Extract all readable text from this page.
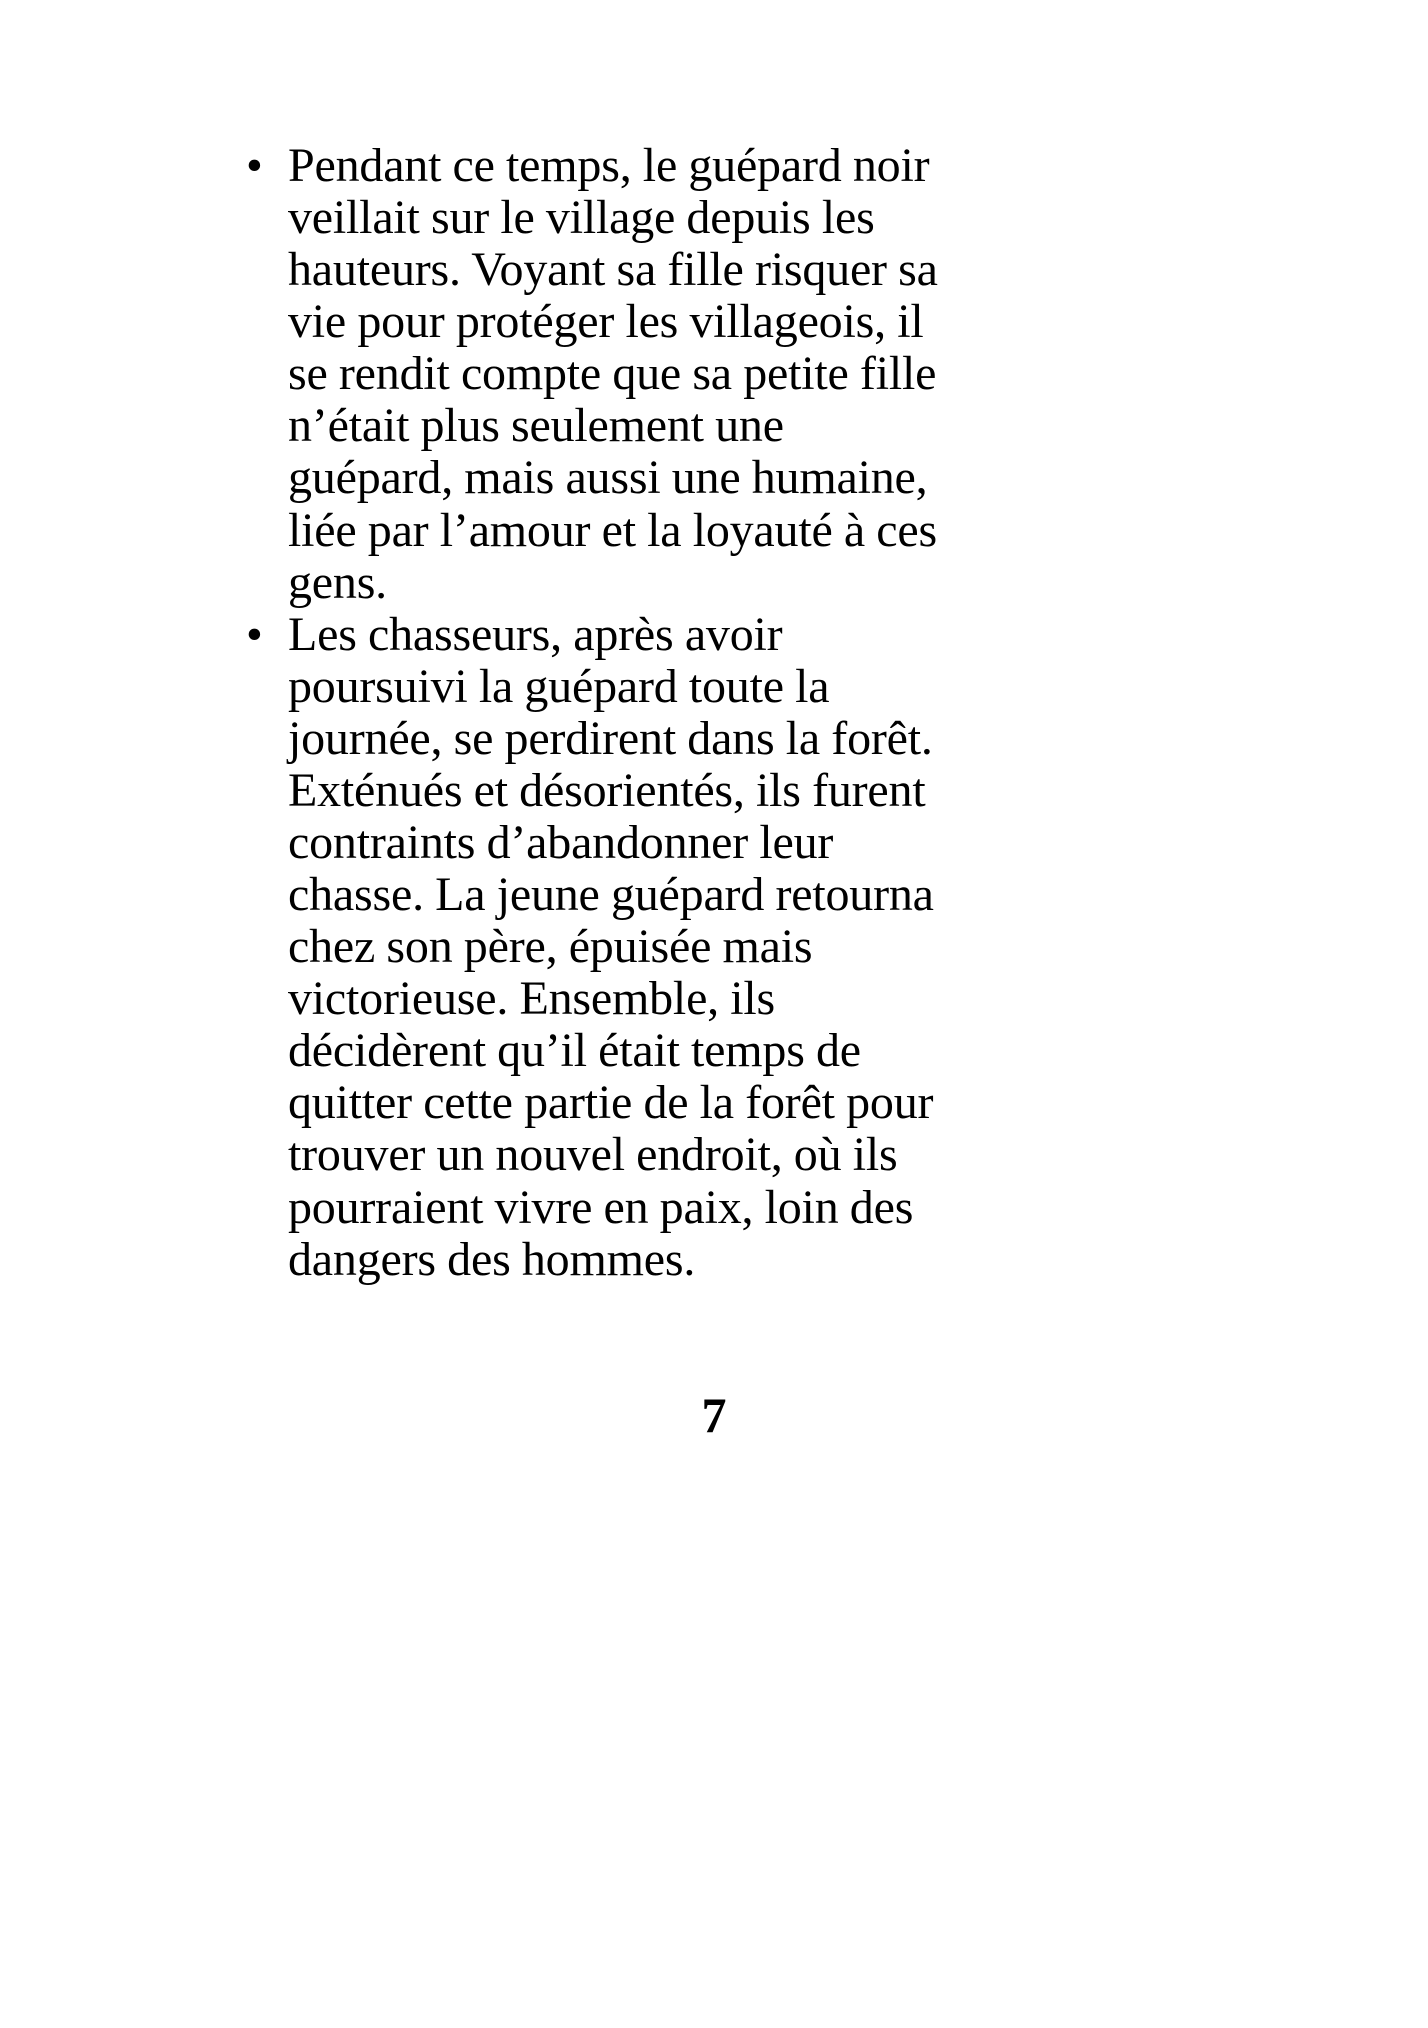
• Pendant ce temps, le guépard noir veillait sur le village depuis les hauteurs. Voyant sa fille risquer sa vie pour protéger les villageois, il se rendit compte que sa petite fille n’était plus seulement une guépard, mais aussi une humaine, liée par l’amour et la loyauté à ces gens.
• Les chasseurs, après avoir poursuivi la guépard toute la journée, se perdirent dans la forêt. Exténués et désorientés, ils furent contraints d’abandonner leur chasse. La jeune guépard retourna chez son père, épuisée mais victorieuse. Ensemble, ils décidèrent qu’il était temps de quitter cette partie de la forêt pour trouver un nouvel endroit, où ils pourraient vivre en paix, loin des dangers des hommes.
7
